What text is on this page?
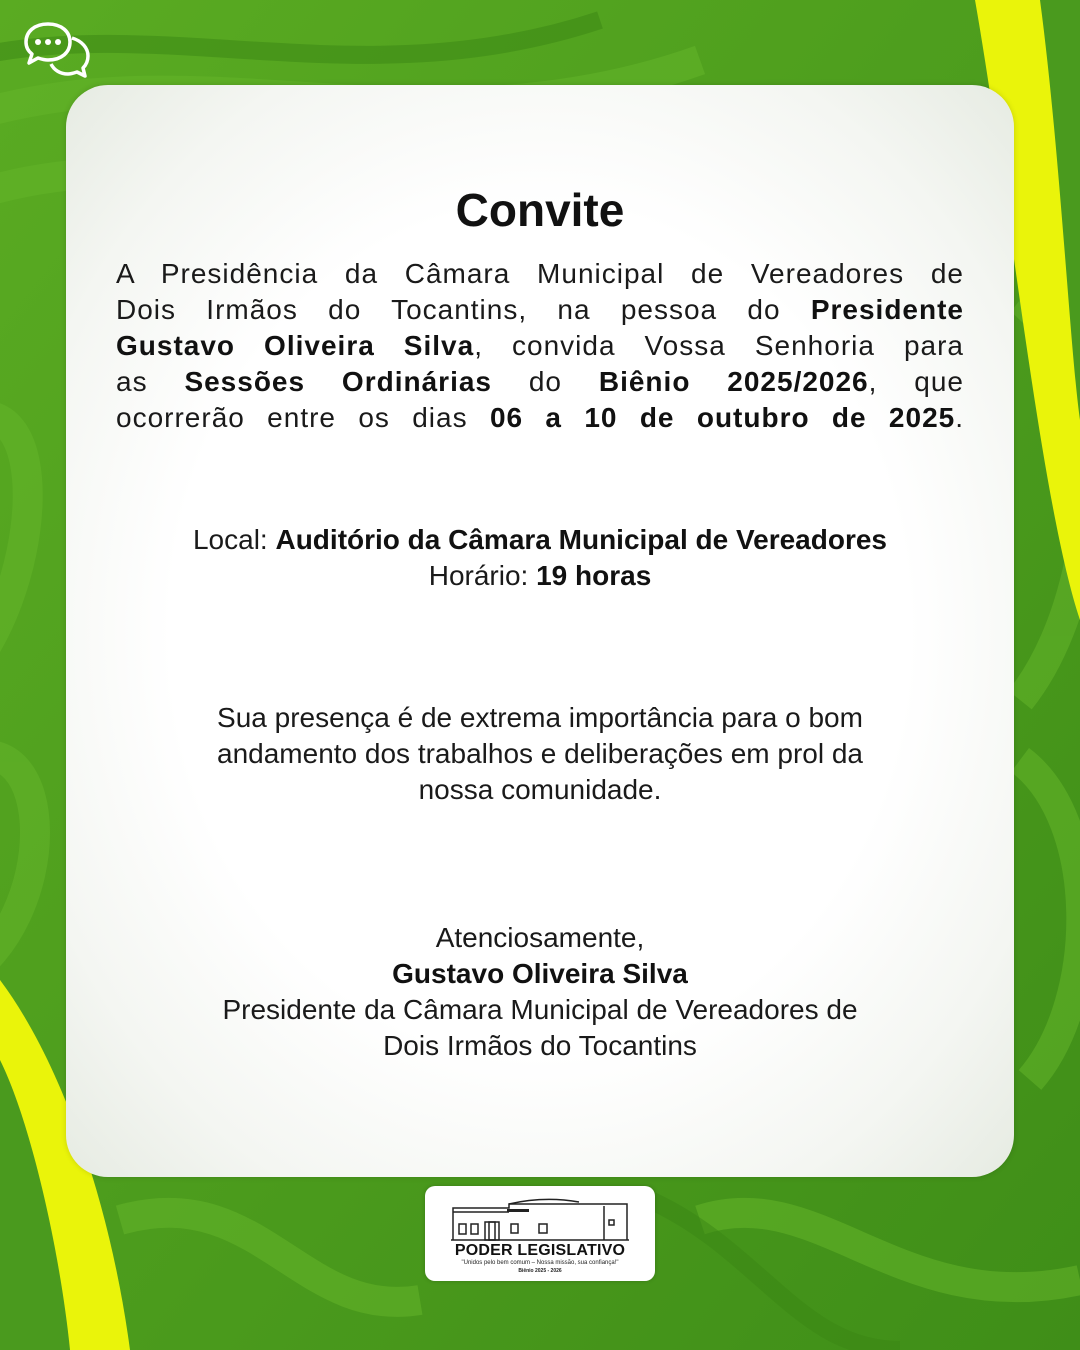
Convite
A Presidência da Câmara Municipal de Vereadores de
Dois Irmãos do Tocantins, na pessoa do Presidente
Gustavo Oliveira Silva, convida Vossa Senhoria para
as Sessões Ordinárias do Biênio 2025/2026, que
ocorrerão entre os dias 06 a 10 de outubro de 2025.
Local: Auditório da Câmara Municipal de Vereadores
Horário: 19 horas
Sua presença é de extrema importância para o bom
andamento dos trabalhos e deliberações em prol da
nossa comunidade.
Atenciosamente,
Gustavo Oliveira Silva
Presidente da Câmara Municipal de Vereadores de
Dois Irmãos do Tocantins
PODER LEGISLATIVO
"Unidos pelo bem comum – Nossa missão, sua confiança!"
Biênio 2025 - 2026
